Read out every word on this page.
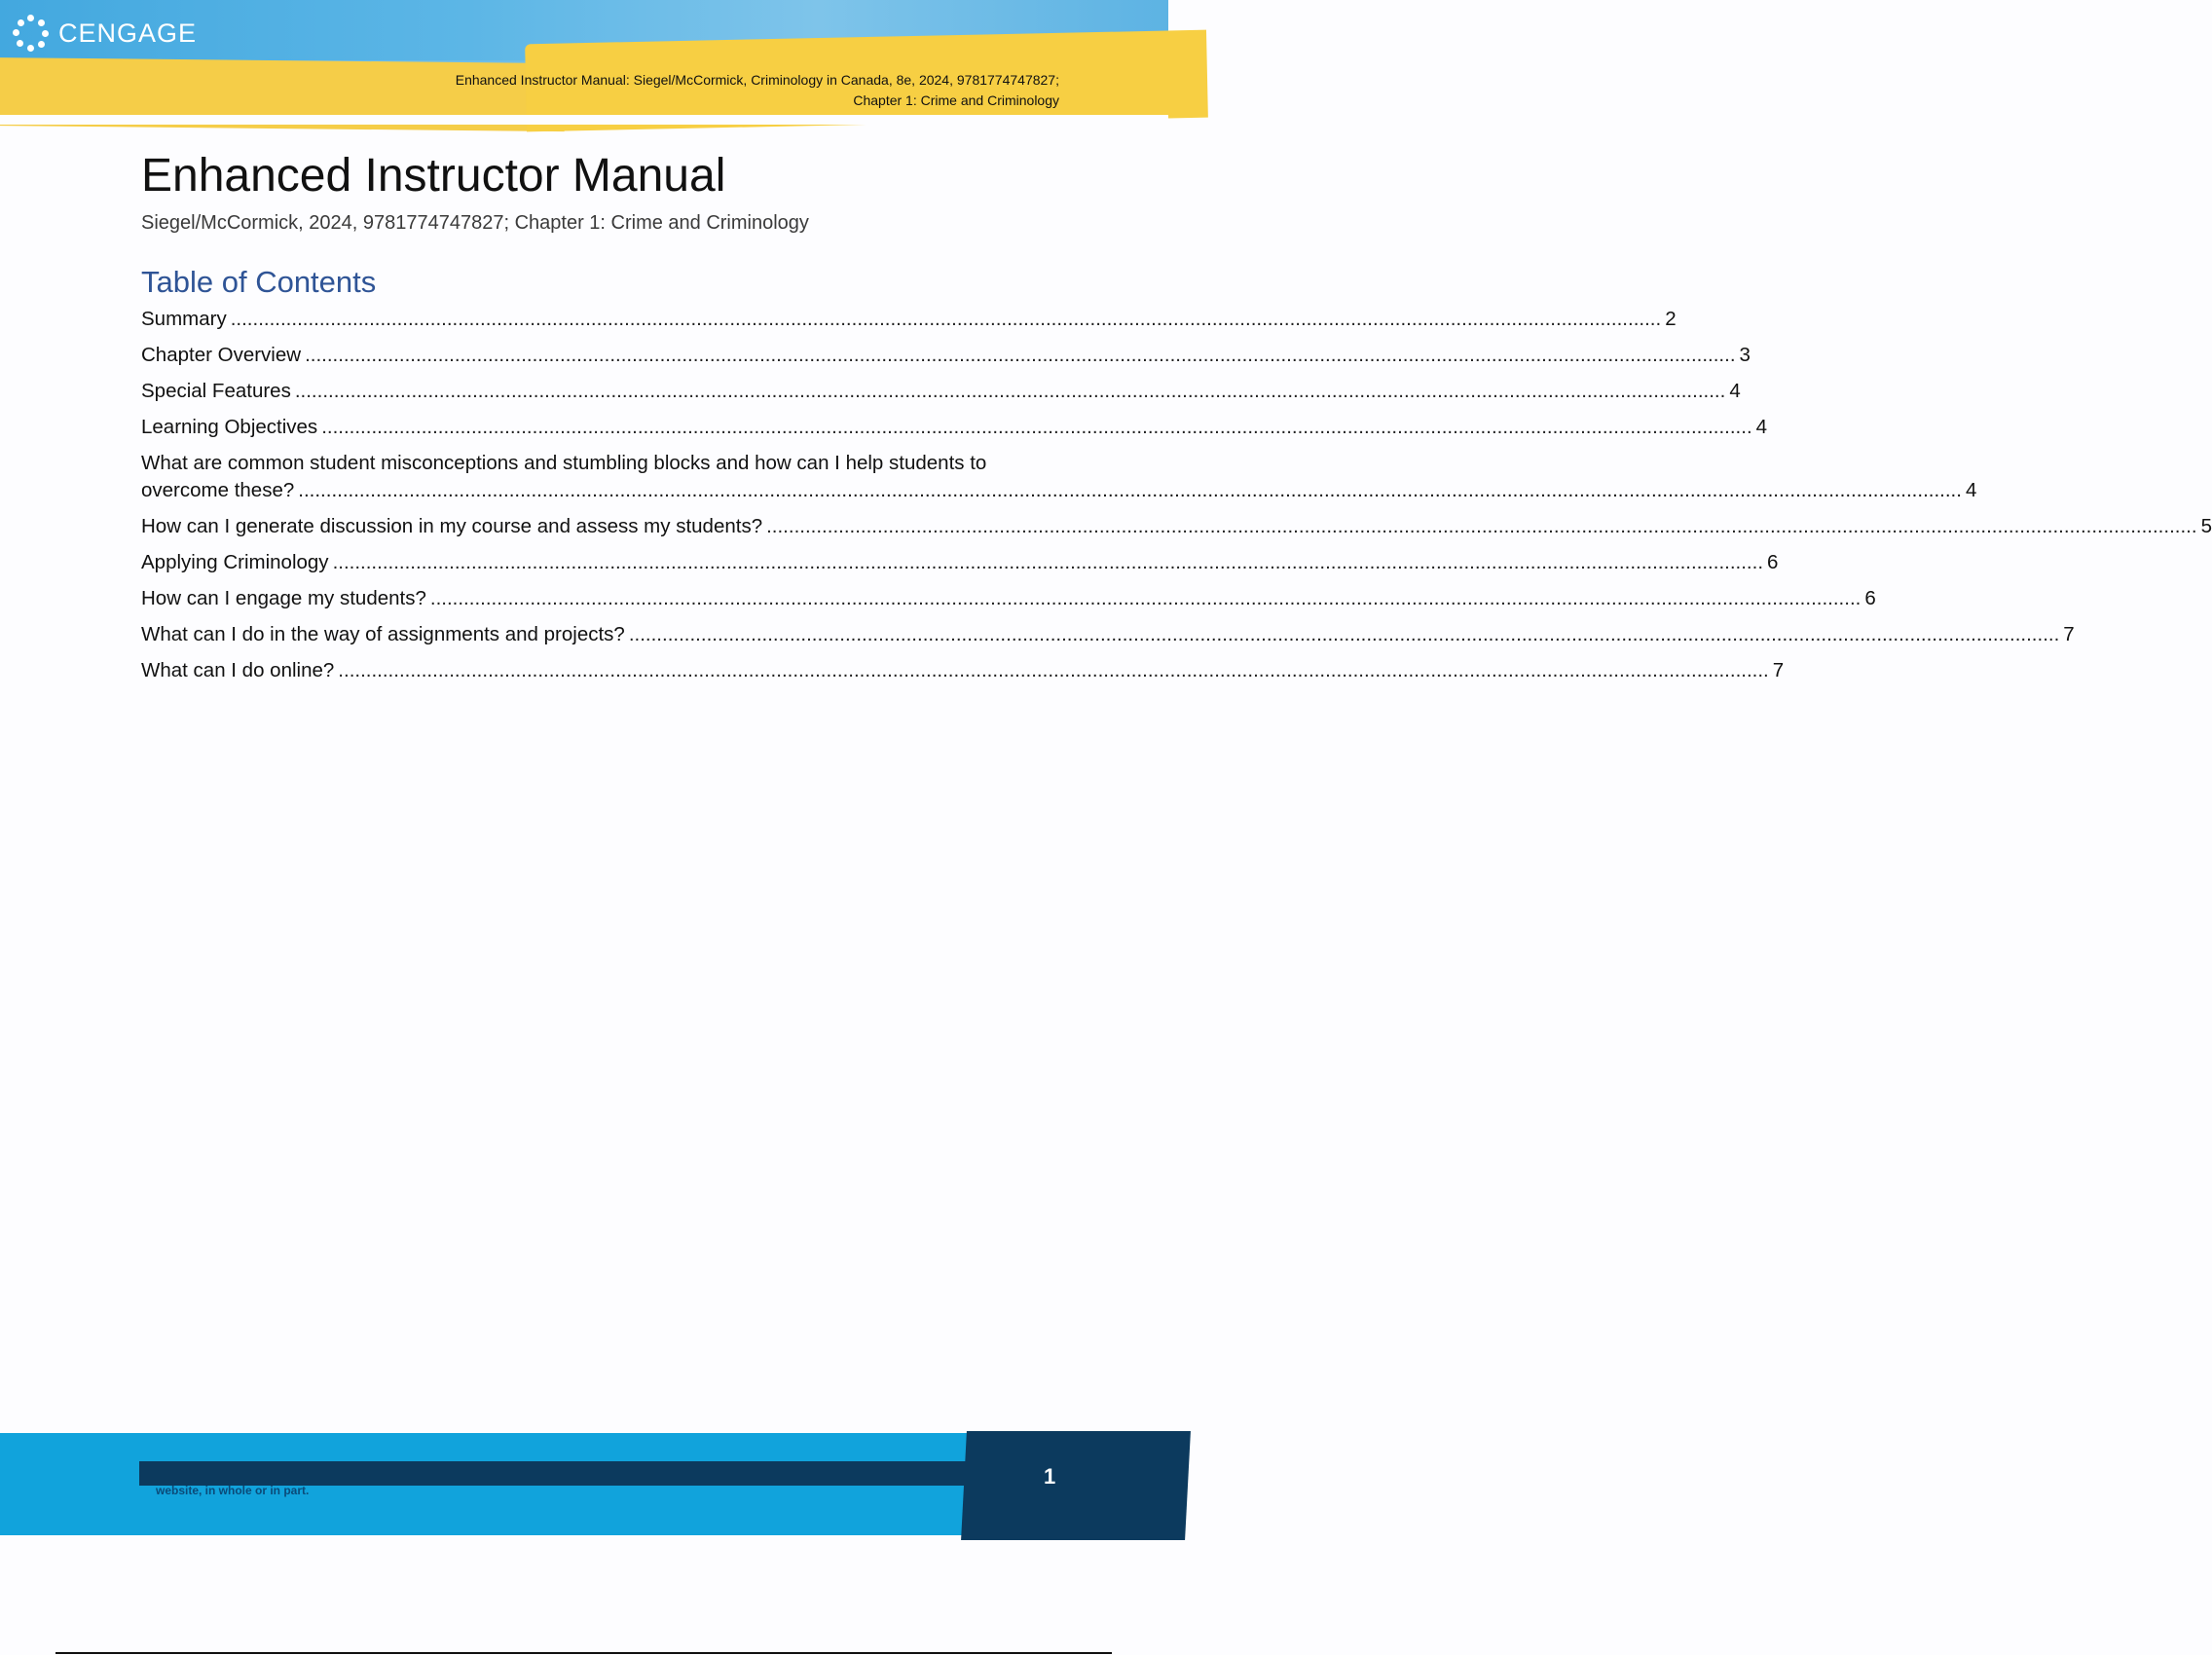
CENGAGE
Enhanced Instructor Manual: Siegel/McCormick, Criminology in Canada, 8e, 2024, 9781774747827;
Chapter 1: Crime and Criminology
Enhanced Instructor Manual
Siegel/McCormick, 2024, 9781774747827; Chapter 1: Crime and Criminology
Table of Contents
Summary .....	2
Chapter Overview .....	3
Special Features .....	4
Learning Objectives .....	4
What are common student misconceptions and stumbling blocks and how can I help students to
overcome these? ............................................................................................................................................................................................................................................................................................................ 4
How can I generate discussion in my course and assess my students? .....	5
Applying Criminology .....	6
How can I engage my students? .....	6
What can I do in the way of assignments and projects? .....	7
What can I do online? .....	7
website, in whole or in part.
1
